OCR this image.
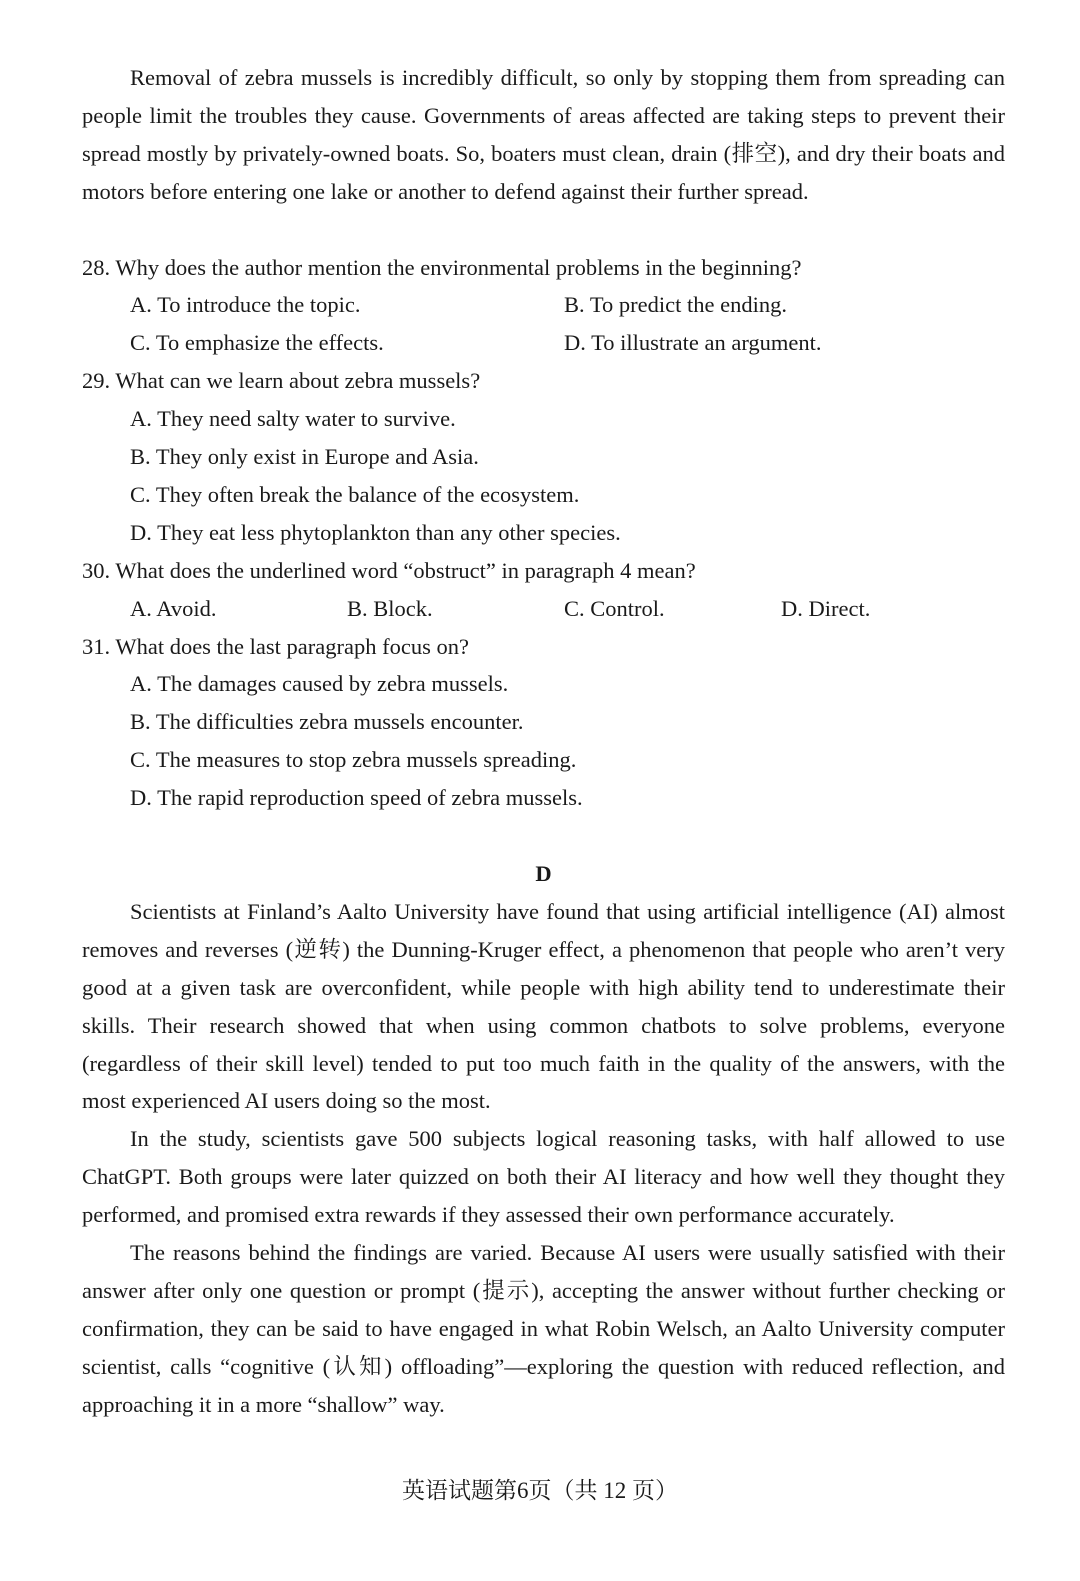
Removal of zebra mussels is incredibly difficult, so only by stopping them from spreading can people limit the troubles they cause. Governments of areas affected are taking steps to prevent their spread mostly by privately-owned boats. So, boaters must clean, drain (排空), and dry their boats and motors before entering one lake or another to defend against their further spread.

28. Why does the author mention the environmental problems in the beginning?
A. To introduce the topic.	B. To predict the ending.
C. To emphasize the effects.	D. To illustrate an argument.
29. What can we learn about zebra mussels?
A. They need salty water to survive.
B. They only exist in Europe and Asia.
C. They often break the balance of the ecosystem.
D. They eat less phytoplankton than any other species.
30. What does the underlined word “obstruct” in paragraph 4 mean?
A. Avoid.	B. Block.	C. Control.	D. Direct.
31. What does the last paragraph focus on?
A. The damages caused by zebra mussels.
B. The difficulties zebra mussels encounter.
C. The measures to stop zebra mussels spreading.
D. The rapid reproduction speed of zebra mussels.
D

Scientists at Finland’s Aalto University have found that using artificial intelligence (AI) almost removes and reverses (逆转) the Dunning-Kruger effect, a phenomenon that people who aren’t very good at a given task are overconfident, while people with high ability tend to underestimate their skills. Their research showed that when using common chatbots to solve problems, everyone (regardless of their skill level) tended to put too much faith in the quality of the answers, with the most experienced AI users doing so the most.

In the study, scientists gave 500 subjects logical reasoning tasks, with half allowed to use ChatGPT. Both groups were later quizzed on both their AI literacy and how well they thought they performed, and promised extra rewards if they assessed their own performance accurately.

The reasons behind the findings are varied. Because AI users were usually satisfied with their answer after only one question or prompt (提示), accepting the answer without further checking or confirmation, they can be said to have engaged in what Robin Welsch, an Aalto University computer scientist, calls “cognitive (认知) offloading”—exploring the question with reduced reflection, and approaching it in a more “shallow” way.

英语试题第6页（共 12 页）
